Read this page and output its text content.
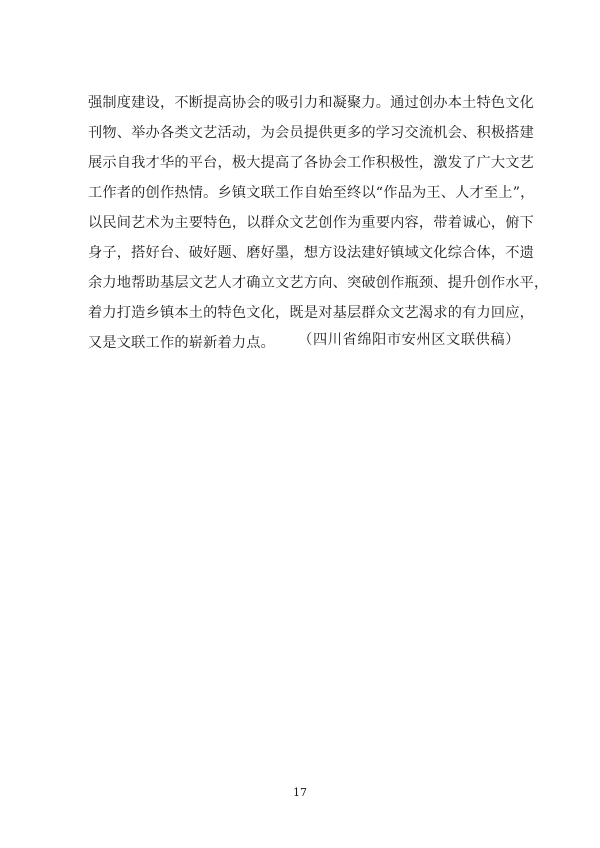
强制度建设，不断提高协会的吸引力和凝聚力。通过创办本土特色文化
刊物、举办各类文艺活动，为会员提供更多的学习交流机会、积极搭建
展示自我才华的平台，极大提高了各协会工作积极性，激发了广大文艺
工作者的创作热情。乡镇文联工作自始至终以“作品为王、人才至上”，
以民间艺术为主要特色，以群众文艺创作为重要内容，带着诚心，俯下
身子，搭好台、破好题、磨好墨，想方设法建好镇域文化综合体，不遗
余力地帮助基层文艺人才确立文艺方向、突破创作瓶颈、提升创作水平，
着力打造乡镇本土的特色文化，既是对基层群众文艺渴求的有力回应，
又是文联工作的崭新着力点。	（四川省绵阳市安州区文联供稿）
17
